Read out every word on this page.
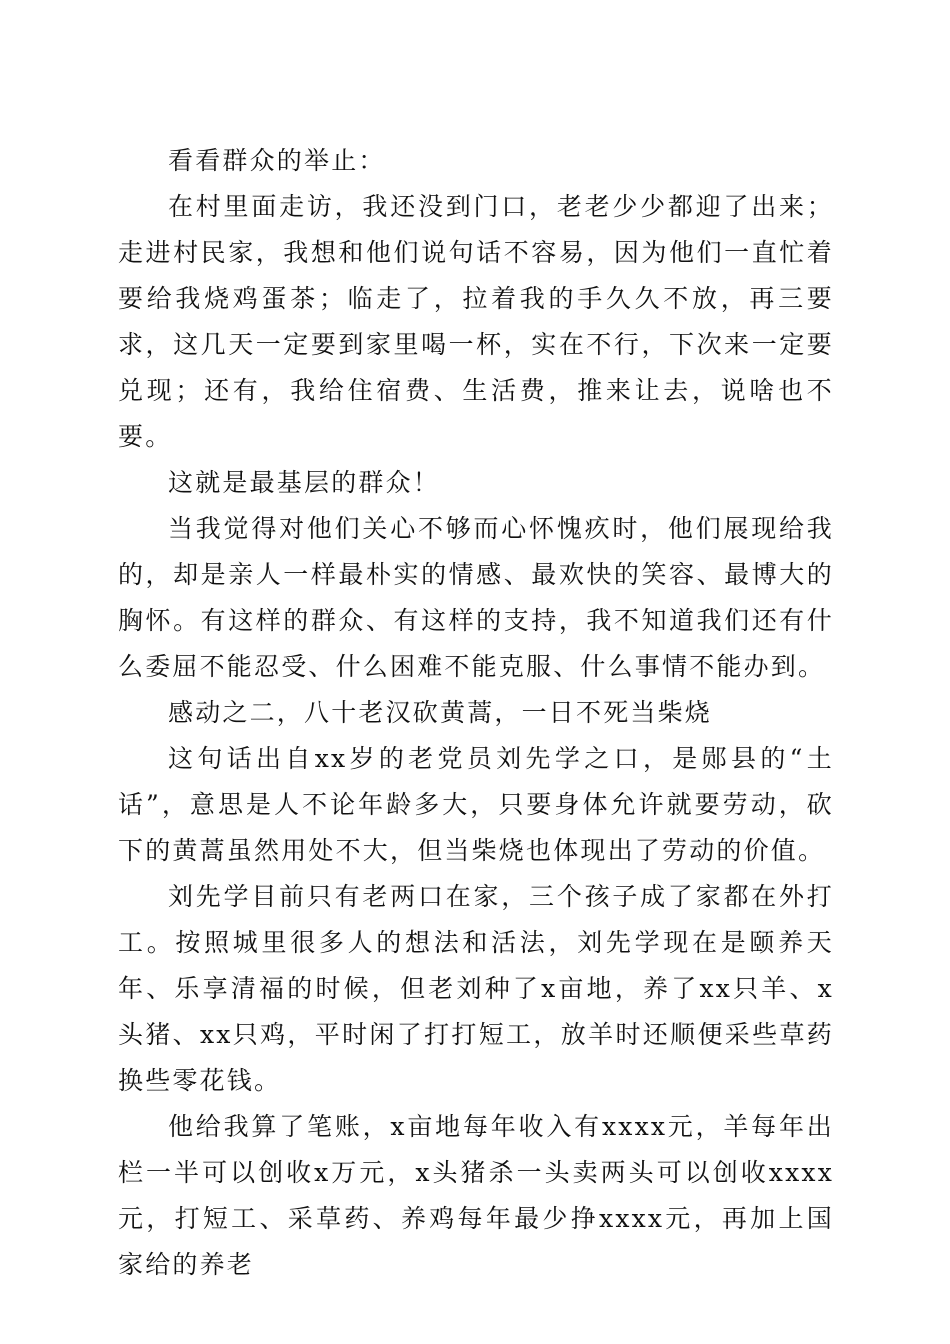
看看群众的举止：

在村里面走访，我还没到门口，老老少少都迎了出来；走进村民家，我想和他们说句话不容易，因为他们一直忙着要给我烧鸡蛋茶；临走了，拉着我的手久久不放，再三要求，这几天一定要到家里喝一杯，实在不行，下次来一定要兑现；还有，我给住宿费、生活费，推来让去，说啥也不要。

这就是最基层的群众！

当我觉得对他们关心不够而心怀愧疚时，他们展现给我的，却是亲人一样最朴实的情感、最欢快的笑容、最博大的胸怀。有这样的群众、有这样的支持，我不知道我们还有什么委屈不能忍受、什么困难不能克服、什么事情不能办到。

感动之二，八十老汉砍黄蒿，一日不死当柴烧

这句话出自xx岁的老党员刘先学之口，是郧县的“土话”，意思是人不论年龄多大，只要身体允许就要劳动，砍下的黄蒿虽然用处不大，但当柴烧也体现出了劳动的价值。

刘先学目前只有老两口在家，三个孩子成了家都在外打工。按照城里很多人的想法和活法，刘先学现在是颐养天年、乐享清福的时候，但老刘种了x亩地，养了xx只羊、x头猪、xx只鸡，平时闲了打打短工，放羊时还顺便采些草药换些零花钱。

他给我算了笔账，x亩地每年收入有xxxx元，羊每年出栏一半可以创收x万元，x头猪杀一头卖两头可以创收xxxx元，打短工、采草药、养鸡每年最少挣xxxx元，再加上国家给的养老
